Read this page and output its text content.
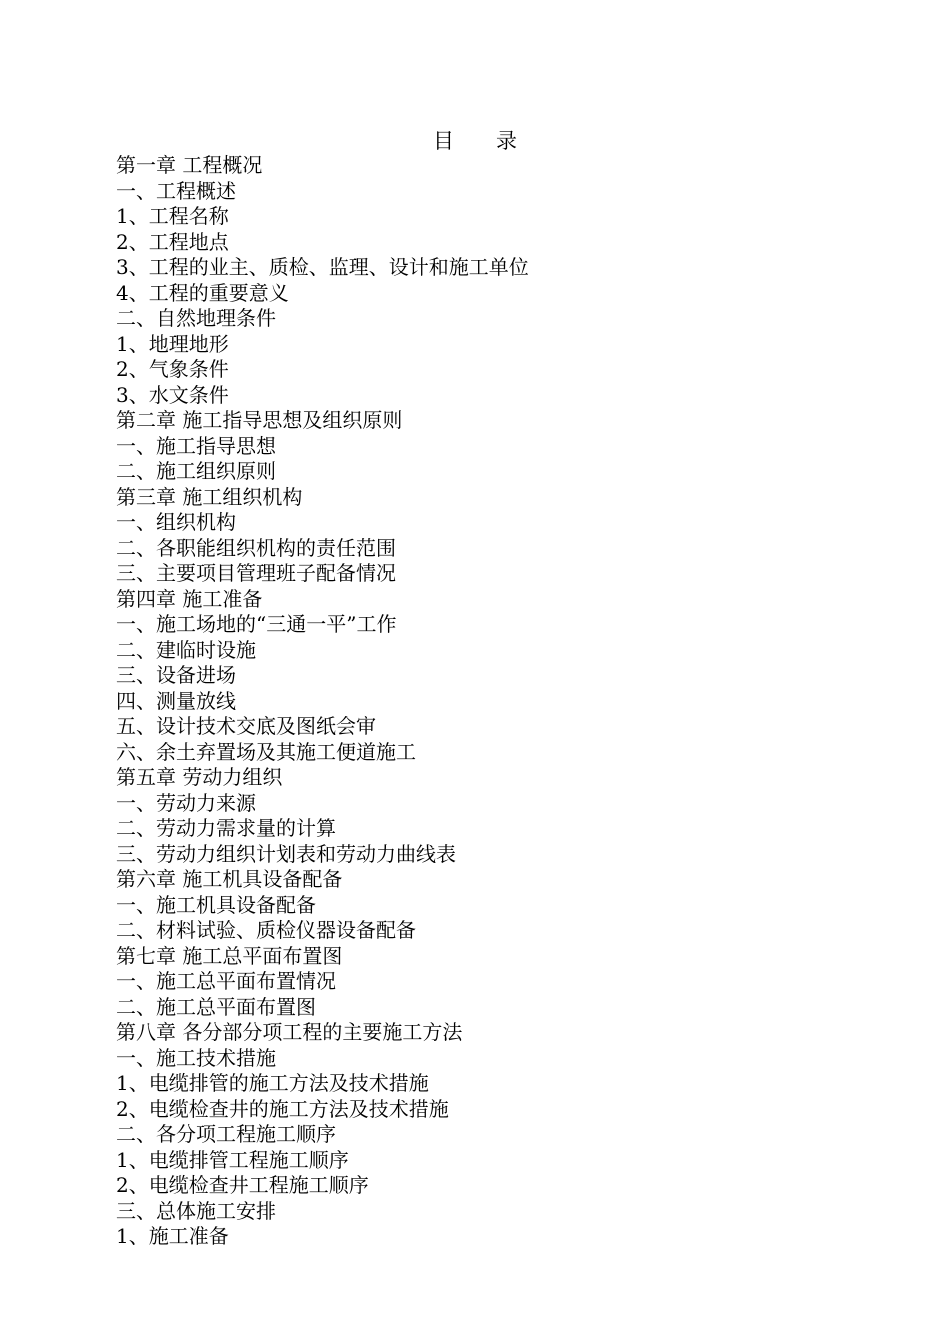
目 录
第一章 工程概况
一、工程概述
1、工程名称
2、工程地点
3、工程的业主、质检、监理、设计和施工单位
4、工程的重要意义
二、自然地理条件
1、地理地形
2、气象条件
3、水文条件
第二章 施工指导思想及组织原则
一、施工指导思想
二、施工组织原则
第三章 施工组织机构
一、组织机构
二、各职能组织机构的责任范围
三、主要项目管理班子配备情况
第四章 施工准备
一、施工场地的“三通一平”工作
二、建临时设施
三、设备进场
四、测量放线
五、设计技术交底及图纸会审
六、余土弃置场及其施工便道施工
第五章 劳动力组织
一、劳动力来源
二、劳动力需求量的计算
三、劳动力组织计划表和劳动力曲线表
第六章 施工机具设备配备
一、施工机具设备配备
二、材料试验、质检仪器设备配备
第七章 施工总平面布置图
一、施工总平面布置情况
二、施工总平面布置图
第八章 各分部分项工程的主要施工方法
一、施工技术措施
1、电缆排管的施工方法及技术措施
2、电缆检查井的施工方法及技术措施
二、各分项工程施工顺序
1、电缆排管工程施工顺序
2、电缆检查井工程施工顺序
三、总体施工安排
1、施工准备
